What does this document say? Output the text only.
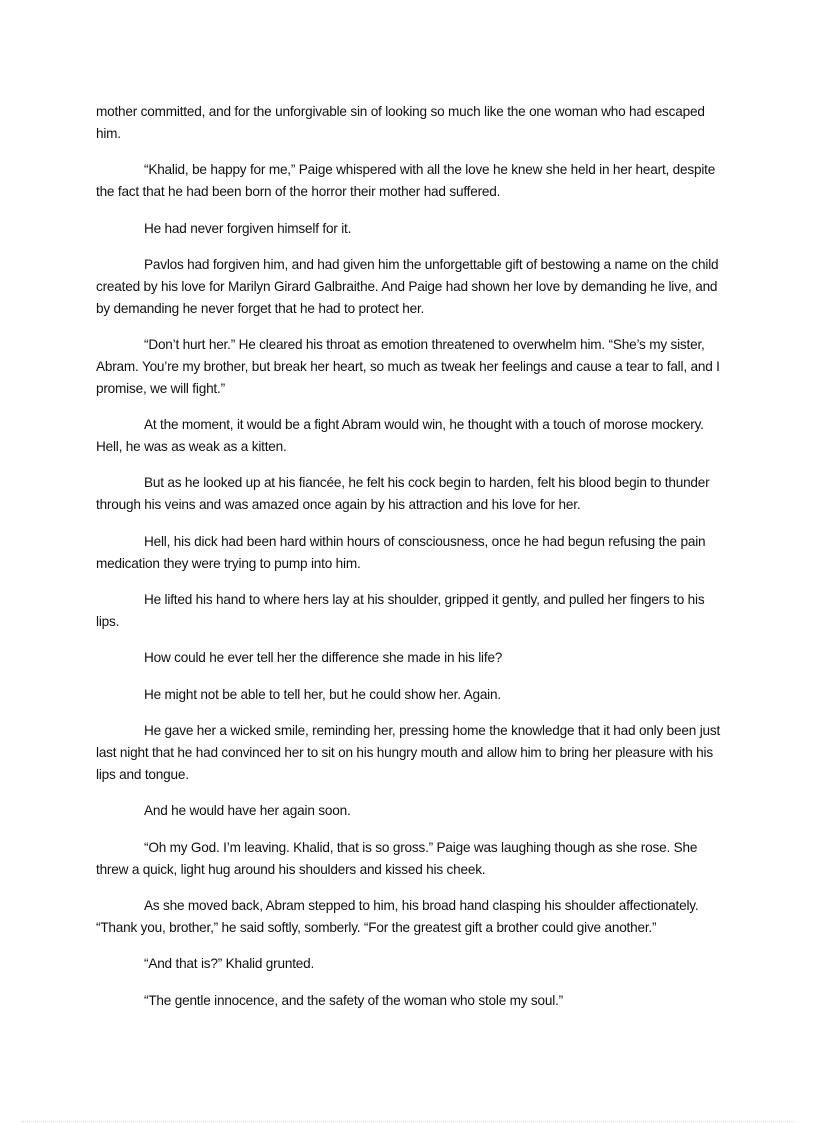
mother committed, and for the unforgivable sin of looking so much like the one woman who had escaped him.

“Khalid, be happy for me,” Paige whispered with all the love he knew she held in her heart, despite the fact that he had been born of the horror their mother had suffered.

He had never forgiven himself for it.

Pavlos had forgiven him, and had given him the unforgettable gift of bestowing a name on the child created by his love for Marilyn Girard Galbraithe. And Paige had shown her love by demanding he live, and by demanding he never forget that he had to protect her.

“Don’t hurt her.” He cleared his throat as emotion threatened to overwhelm him. “She’s my sister, Abram. You’re my brother, but break her heart, so much as tweak her feelings and cause a tear to fall, and I promise, we will fight.”

At the moment, it would be a fight Abram would win, he thought with a touch of morose mockery. Hell, he was as weak as a kitten.

But as he looked up at his fiancée, he felt his cock begin to harden, felt his blood begin to thunder through his veins and was amazed once again by his attraction and his love for her.

Hell, his dick had been hard within hours of consciousness, once he had begun refusing the pain medication they were trying to pump into him.

He lifted his hand to where hers lay at his shoulder, gripped it gently, and pulled her fingers to his lips.

How could he ever tell her the difference she made in his life?

He might not be able to tell her, but he could show her. Again.

He gave her a wicked smile, reminding her, pressing home the knowledge that it had only been just last night that he had convinced her to sit on his hungry mouth and allow him to bring her pleasure with his lips and tongue.

And he would have her again soon.

“Oh my God. I’m leaving. Khalid, that is so gross.” Paige was laughing though as she rose. She threw a quick, light hug around his shoulders and kissed his cheek.

As she moved back, Abram stepped to him, his broad hand clasping his shoulder affectionately. “Thank you, brother,” he said softly, somberly. “For the greatest gift a brother could give another.”

“And that is?” Khalid grunted.

“The gentle innocence, and the safety of the woman who stole my soul.”
